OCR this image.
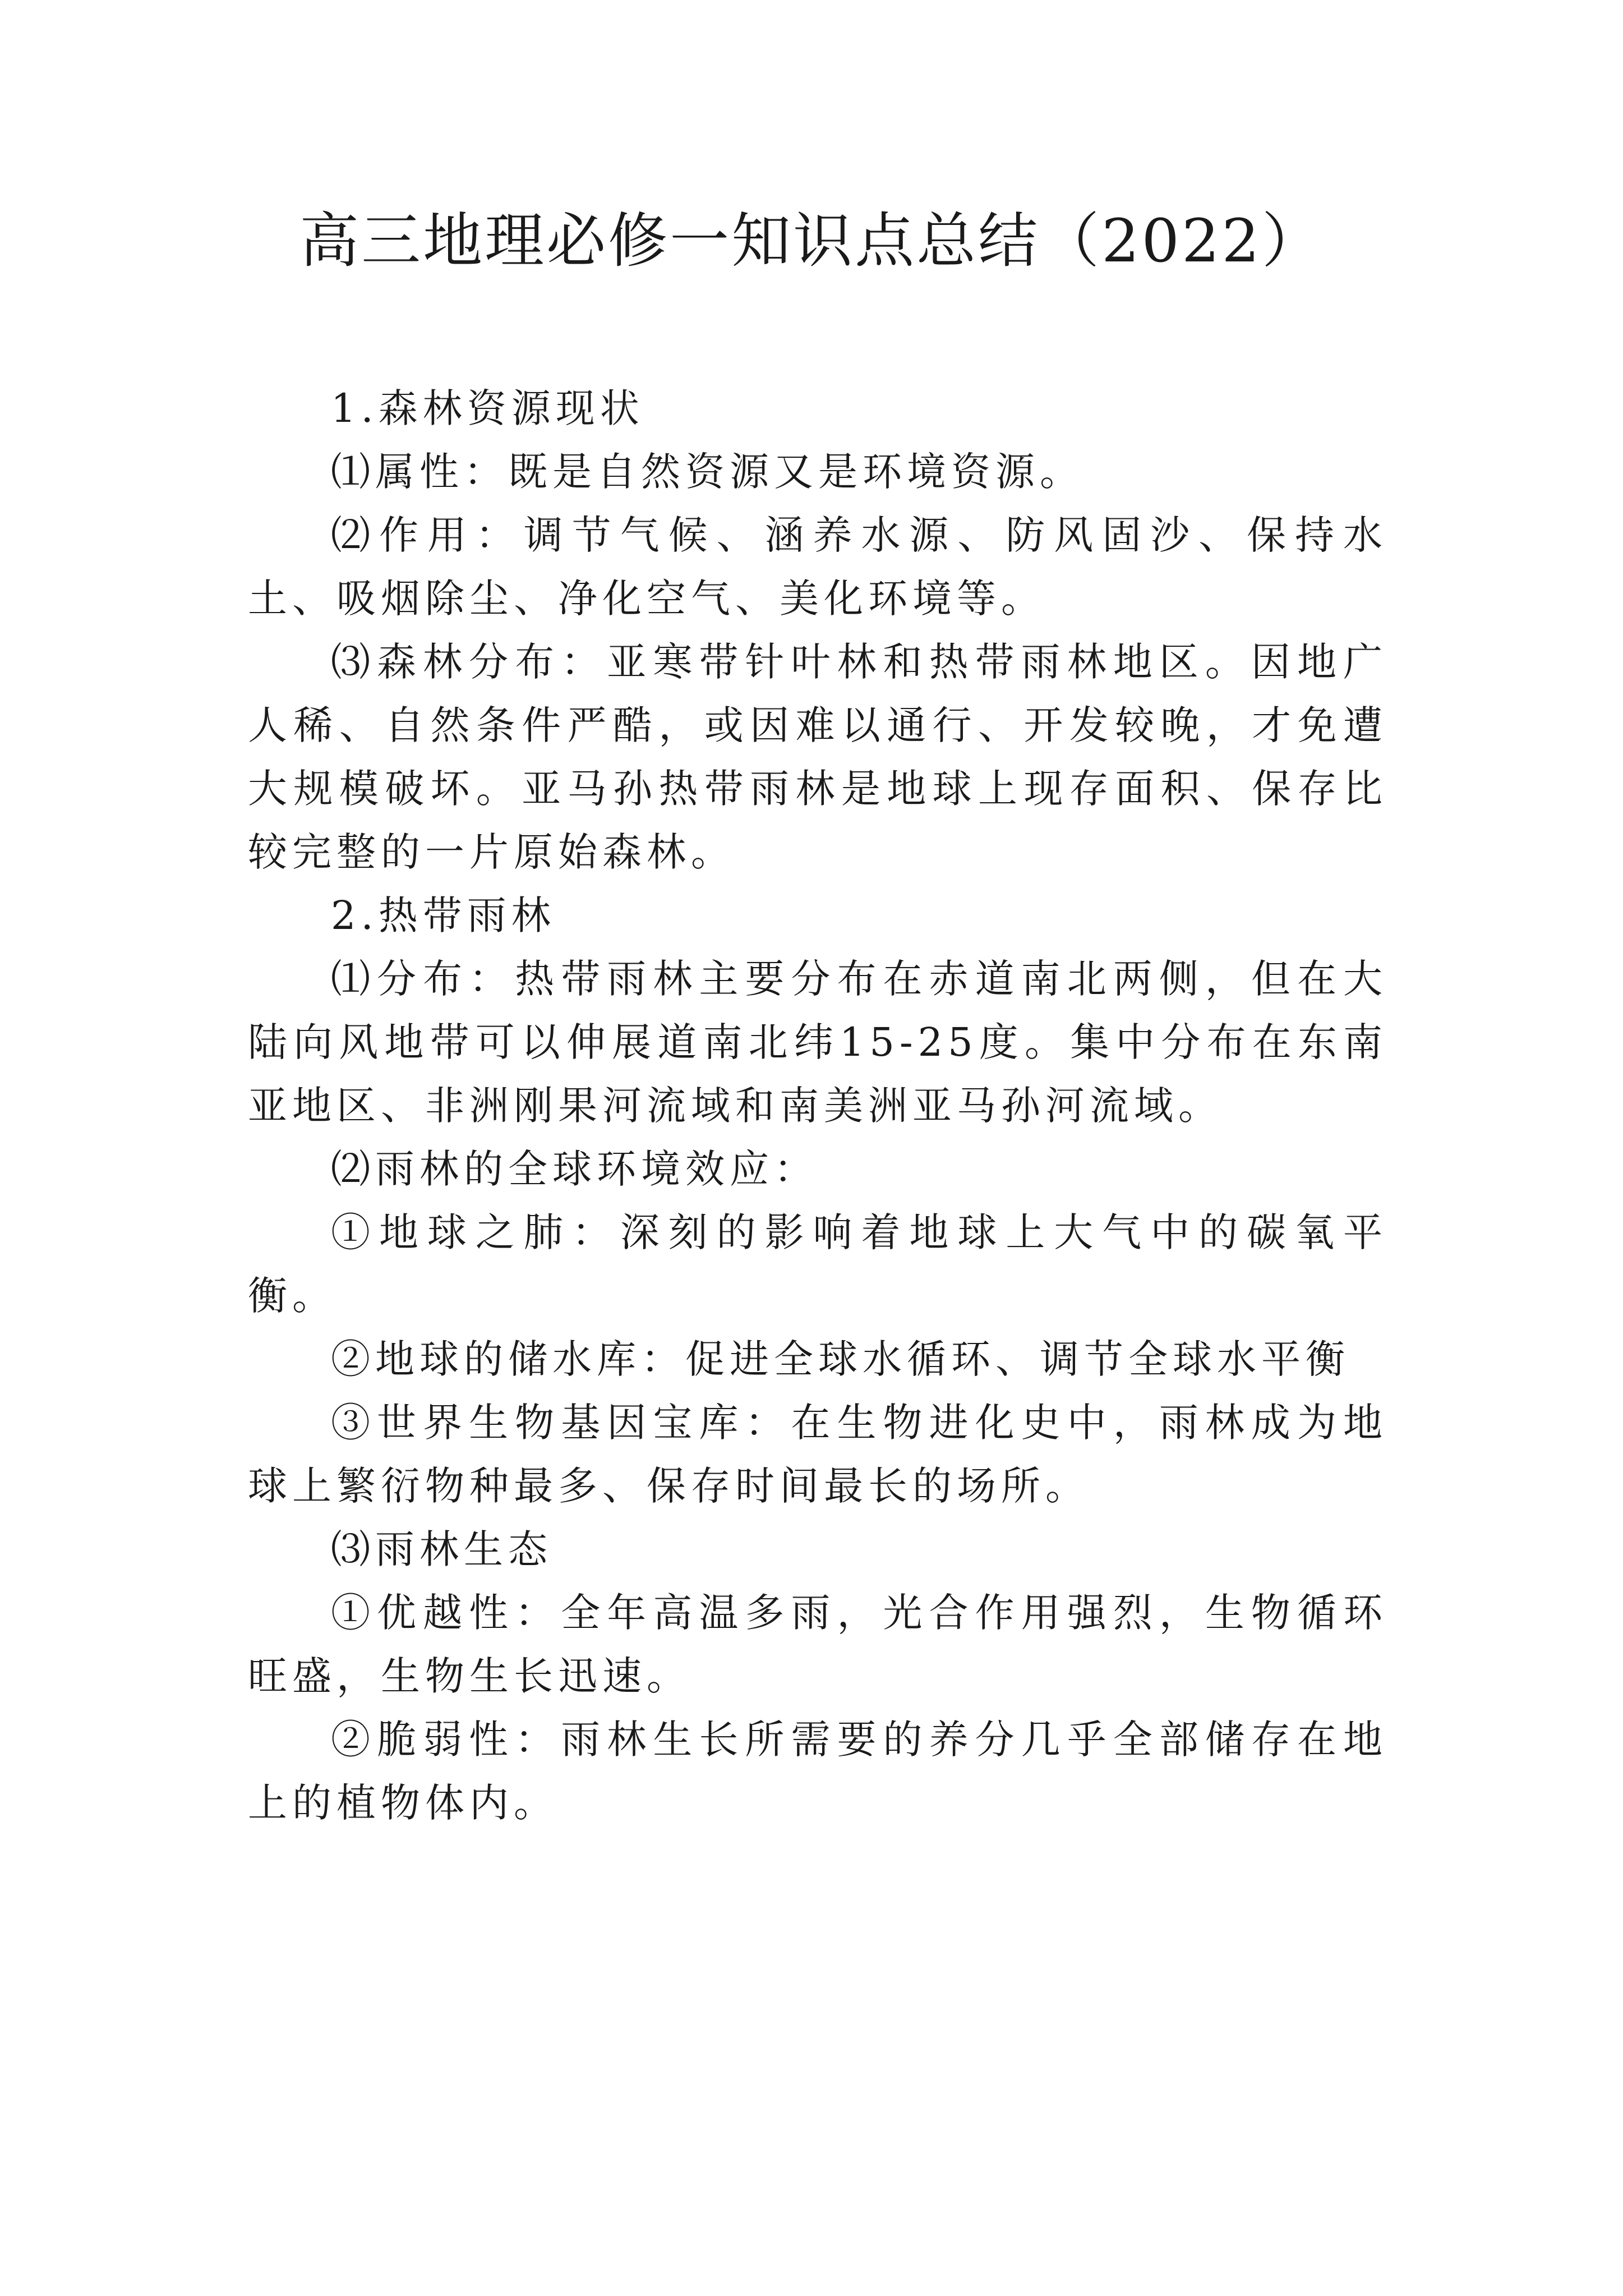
高三地理必修一知识点总结（2022）

1.森林资源现状

⑴属性：既是自然资源又是环境资源。

⑵作用：调节气候、涵养水源、防风固沙、保持水土、吸烟除尘、净化空气、美化环境等。

⑶森林分布：亚寒带针叶林和热带雨林地区。因地广人稀、自然条件严酷，或因难以通行、开发较晚，才免遭大规模破坏。亚马孙热带雨林是地球上现存面积、保存比较完整的一片原始森林。

2.热带雨林

⑴分布：热带雨林主要分布在赤道南北两侧，但在大陆向风地带可以伸展道南北纬15-25度。集中分布在东南亚地区、非洲刚果河流域和南美洲亚马孙河流域。

⑵雨林的全球环境效应：

①地球之肺：深刻的影响着地球上大气中的碳氧平衡。

②地球的储水库：促进全球水循环、调节全球水平衡

③世界生物基因宝库：在生物进化史中，雨林成为地球上繁衍物种最多、保存时间最长的场所。

⑶雨林生态

①优越性：全年高温多雨，光合作用强烈，生物循环旺盛，生物生长迅速。

②脆弱性：雨林生长所需要的养分几乎全部储存在地上的植物体内。
